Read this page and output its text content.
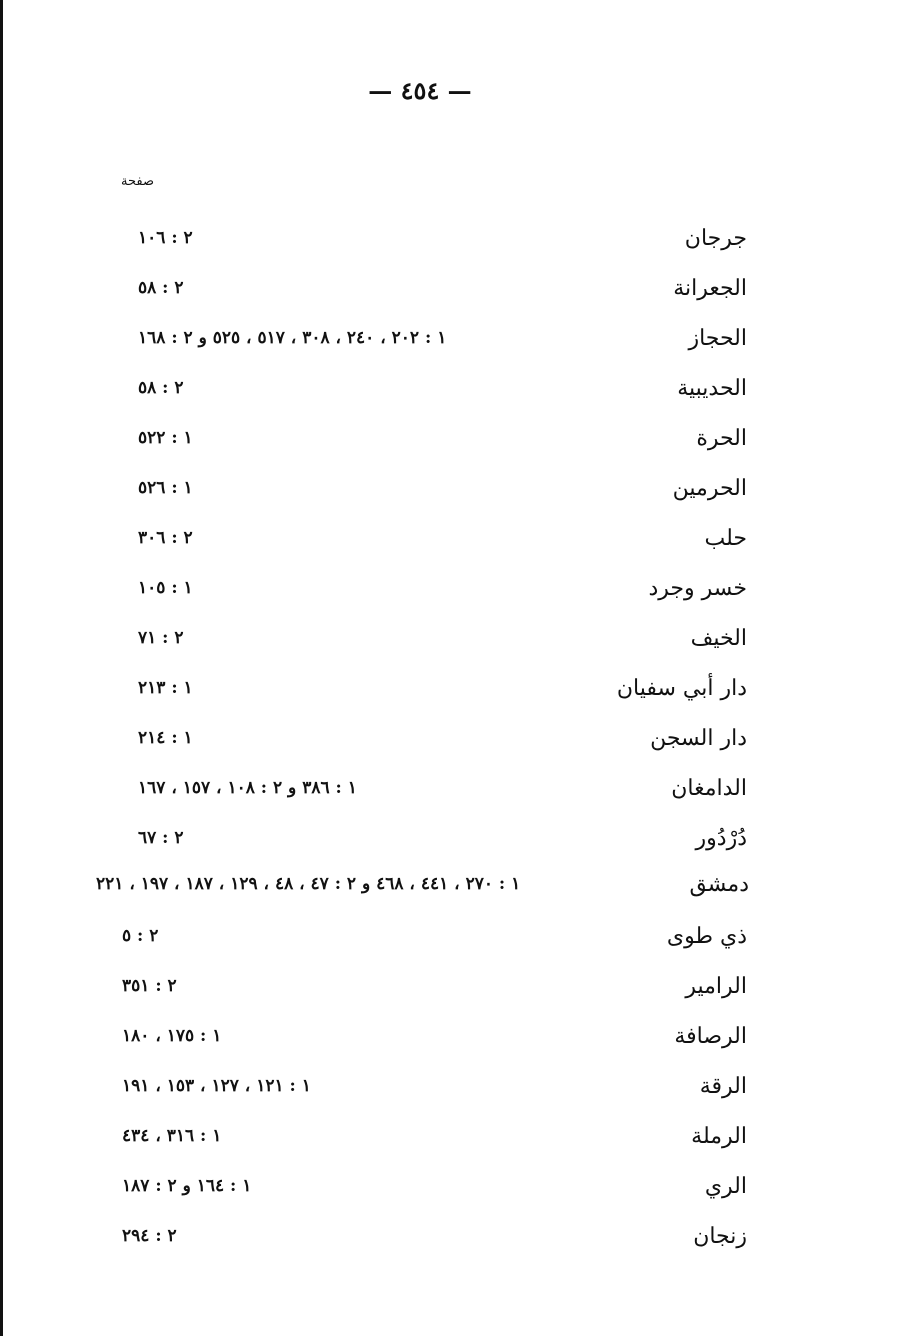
— ٤٥٤ —
صفحة
جرجان
٢ : ١٠٦
الجعرانة
٢ : ٥٨
الحجاز
١ : ٢٠٢ ، ٢٤٠ ، ٣٠٨ ، ٥١٧ ، ٥٢٥ و ٢ : ١٦٨
الحديبية
٢ : ٥٨
الحرة
١ : ٥٢٢
الحرمين
١ : ٥٢٦
حلب
٢ : ٣٠٦
خسر وجرد
١ : ١٠٥
الخيف
٢ : ٧١
دار أبي سفيان
١ : ٢١٣
دار السجن
١ : ٢١٤
الدامغان
١ : ٣٨٦ و ٢ : ١٠٨ ، ١٥٧ ، ١٦٧
دُرْدُور
٢ : ٦٧
دمشق
١ : ٢٧٠ ، ٤٤١ ، ٤٦٨ و ٢ : ٤٧ ، ٤٨ ، ١٢٩ ، ١٨٧ ، ١٩٧ ، ٢٢١
ذي طوى
٢ : ٥
الرامير
٢ : ٣٥١
الرصافة
١ : ١٧٥ ، ١٨٠
الرقة
١ : ١٢١ ، ١٢٧ ، ١٥٣ ، ١٩١
الرملة
١ : ٣١٦ ، ٤٣٤
الري
١ : ١٦٤ و ٢ : ١٨٧
زنجان
٢ : ٢٩٤
